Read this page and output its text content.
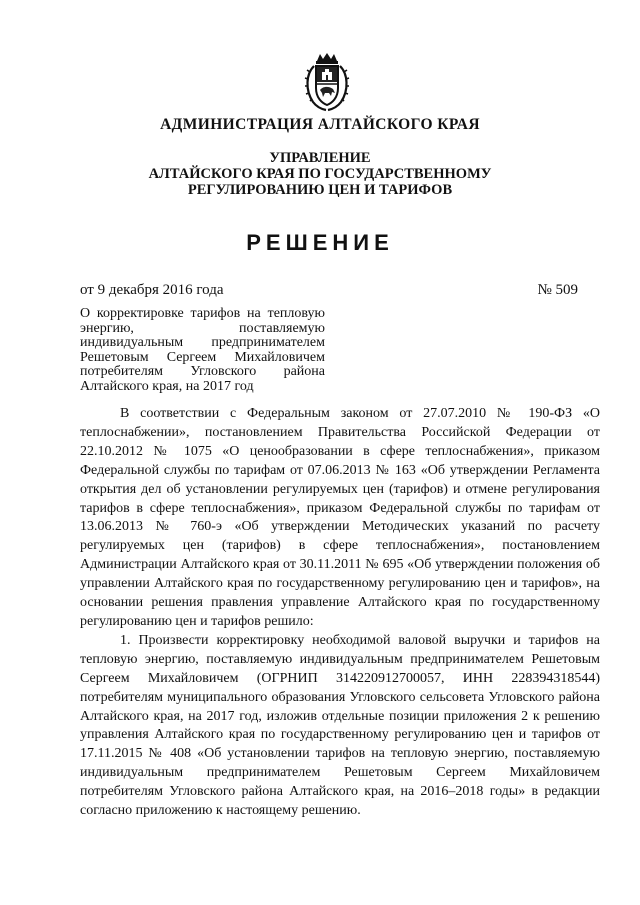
АДМИНИСТРАЦИЯ АЛТАЙСКОГО КРАЯ
УПРАВЛЕНИЕ
АЛТАЙСКОГО КРАЯ ПО ГОСУДАРСТВЕННОМУ
РЕГУЛИРОВАНИЮ ЦЕН И ТАРИФОВ
РЕШЕНИЕ
от 9 декабря 2016 года	№ 509
О корректировке тарифов на тепловую энергию, поставляемую индивидуальным предпринимателем Решетовым Сергеем Михайловичем потребителям Угловского района Алтайского края, на 2017 год

В соответствии с Федеральным законом от 27.07.2010 № 190-ФЗ «О теплоснабжении», постановлением Правительства Российской Федерации от 22.10.2012 № 1075 «О ценообразовании в сфере теплоснабжения», приказом Федеральной службы по тарифам от 07.06.2013 № 163 «Об утверждении Регламента открытия дел об установлении регулируемых цен (тарифов) и отмене регулирования тарифов в сфере теплоснабжения», приказом Федеральной службы по тарифам от 13.06.2013 № 760-э «Об утверждении Методических указаний по расчету регулируемых цен (тарифов) в сфере теплоснабжения», постановлением Администрации Алтайского края от 30.11.2011 № 695 «Об утверждении положения об управлении Алтайского края по государственному регулированию цен и тарифов», на основании решения правления управление Алтайского края по государственному регулированию цен и тарифов решило:

1. Произвести корректировку необходимой валовой выручки и тарифов на тепловую энергию, поставляемую индивидуальным предпринимателем Решетовым Сергеем Михайловичем (ОГРНИП 314220912700057, ИНН 228394318544) потребителям муниципального образования Угловского сельсовета Угловского района Алтайского края, на 2017 год, изложив отдельные позиции приложения 2 к решению управления Алтайского края по государственному регулированию цен и тарифов от 17.11.2015 № 408 «Об установлении тарифов на тепловую энергию, поставляемую индивидуальным предпринимателем Решетовым Сергеем Михайловичем потребителям Угловского района Алтайского края, на 2016–2018 годы» в редакции согласно приложению к настоящему решению.
